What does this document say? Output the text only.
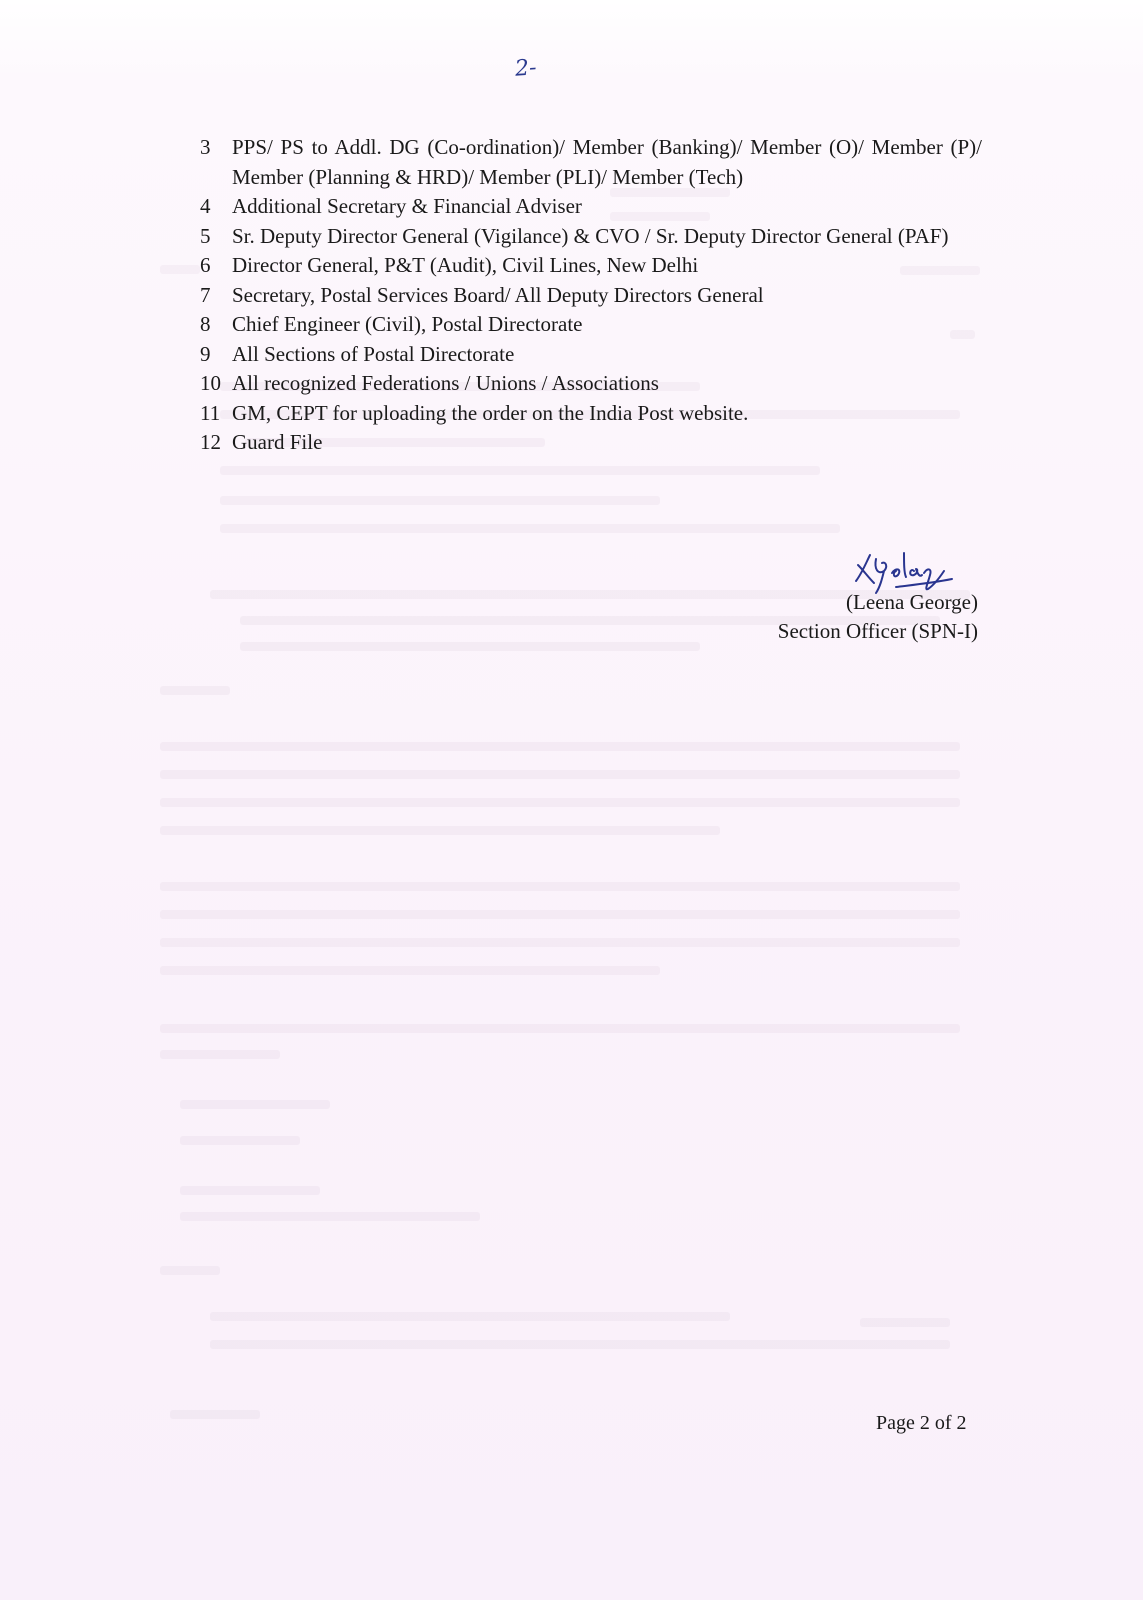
2-
3	PPS/ PS to Addl. DG (Co-ordination)/ Member (Banking)/ Member (O)/ Member (P)/ Member (Planning & HRD)/ Member (PLI)/ Member (Tech)
4	Additional Secretary & Financial Adviser
5	Sr. Deputy Director General (Vigilance) & CVO / Sr. Deputy Director General (PAF)
6	Director General, P&T (Audit), Civil Lines, New Delhi
7	Secretary, Postal Services Board/ All Deputy Directors General
8	Chief Engineer (Civil), Postal Directorate
9	All Sections of Postal Directorate
10 All recognized Federations / Unions / Associations
11 GM, CEPT for uploading the order on the India Post website.
12 Guard File
(Leena George)
Section Officer (SPN-I)
Page 2 of 2
